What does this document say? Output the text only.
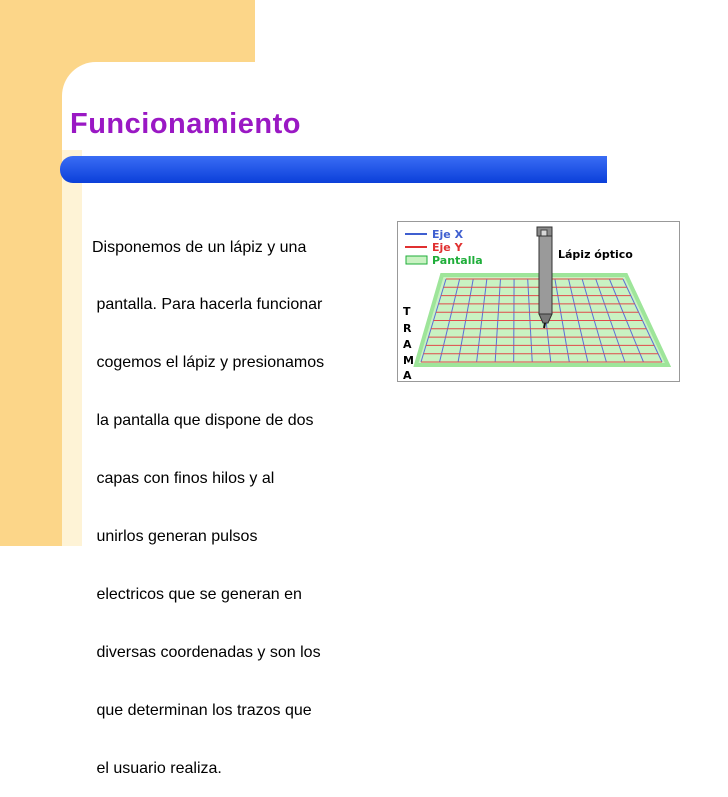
Funcionamiento

Disponemos de un lápiz y una

pantalla. Para hacerla funcionar

cogemos el lápiz y presionamos

la pantalla que dispone de dos

capas con finos hilos y al

unirlos generan pulsos

electricos que se generan en

diversas coordenadas y son los

que determinan los trazos que

el usuario realiza.

Eje X
Eje Y
Pantalla
T
R
A
M
A
Lápiz óptico
